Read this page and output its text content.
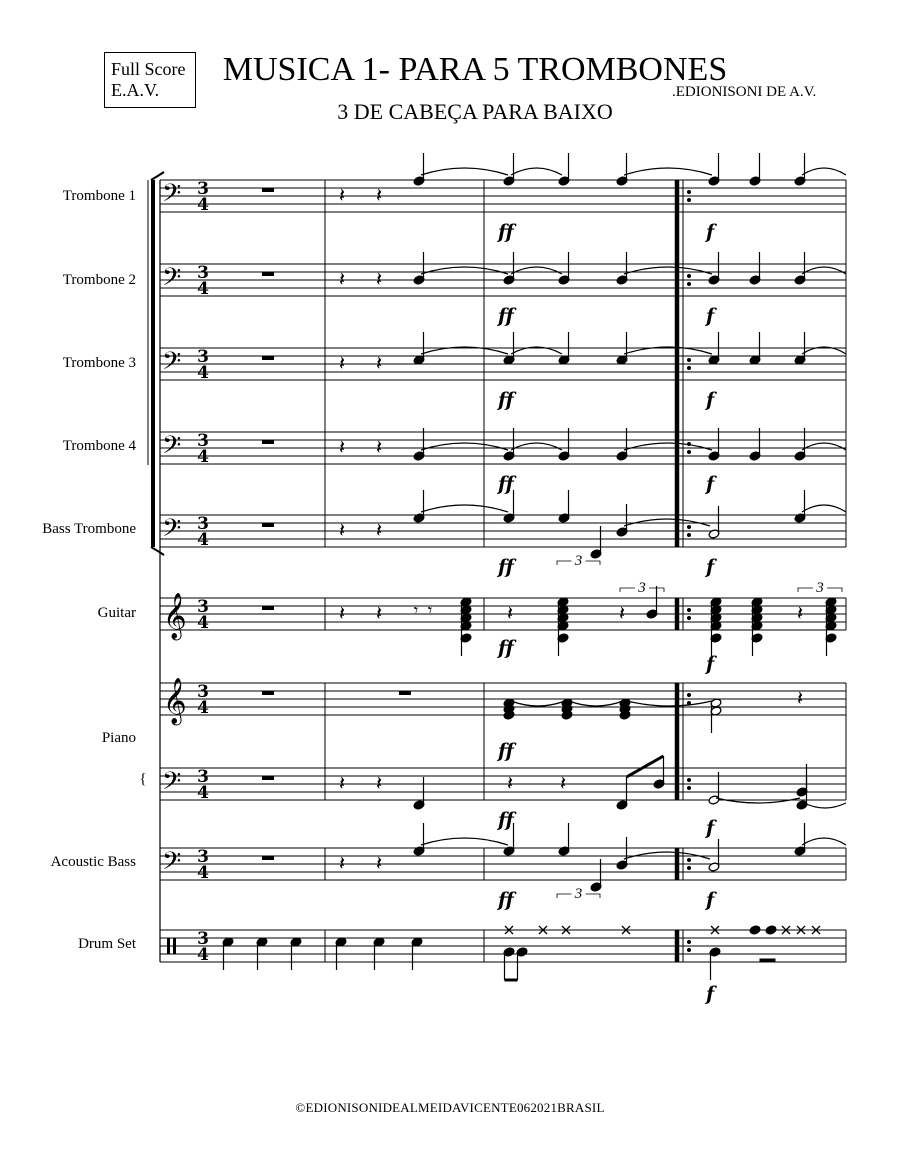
Full Score
E.A.V.
MUSICA 1- PARA 5 TROMBONES
3 DE CABEÇA PARA BAIXO
.EDIONISONI DE A.V.
Trombone 1
Trombone 2
Trombone 3
Trombone 4
Bass Trombone
Guitar
Piano
Acoustic Bass
Drum Set
{
𝄢 3
4
𝄢 3
4
𝄢 3
4
𝄢 3
4
𝄢 3
4
𝄢 3
4
𝄢 3
4
𝄞 3
4
𝄞 3
4
3
4
𝄽 𝄽
ff	f
𝄽 𝄽
ff	f
𝄽 𝄽
ff	f
𝄽 𝄽
ff	f
𝄽 𝄽
3
ff	f
𝄽 𝄽
3
ff	f
𝄽 𝄽 𝄾 𝄾	𝄽	𝄽
3
𝄽
3
ff
f
𝄽
ff
𝄽 𝄽	𝄽 𝄽
ff	f
f
©EDIONISONIDEALMEIDAVICENTE062021BRASIL
